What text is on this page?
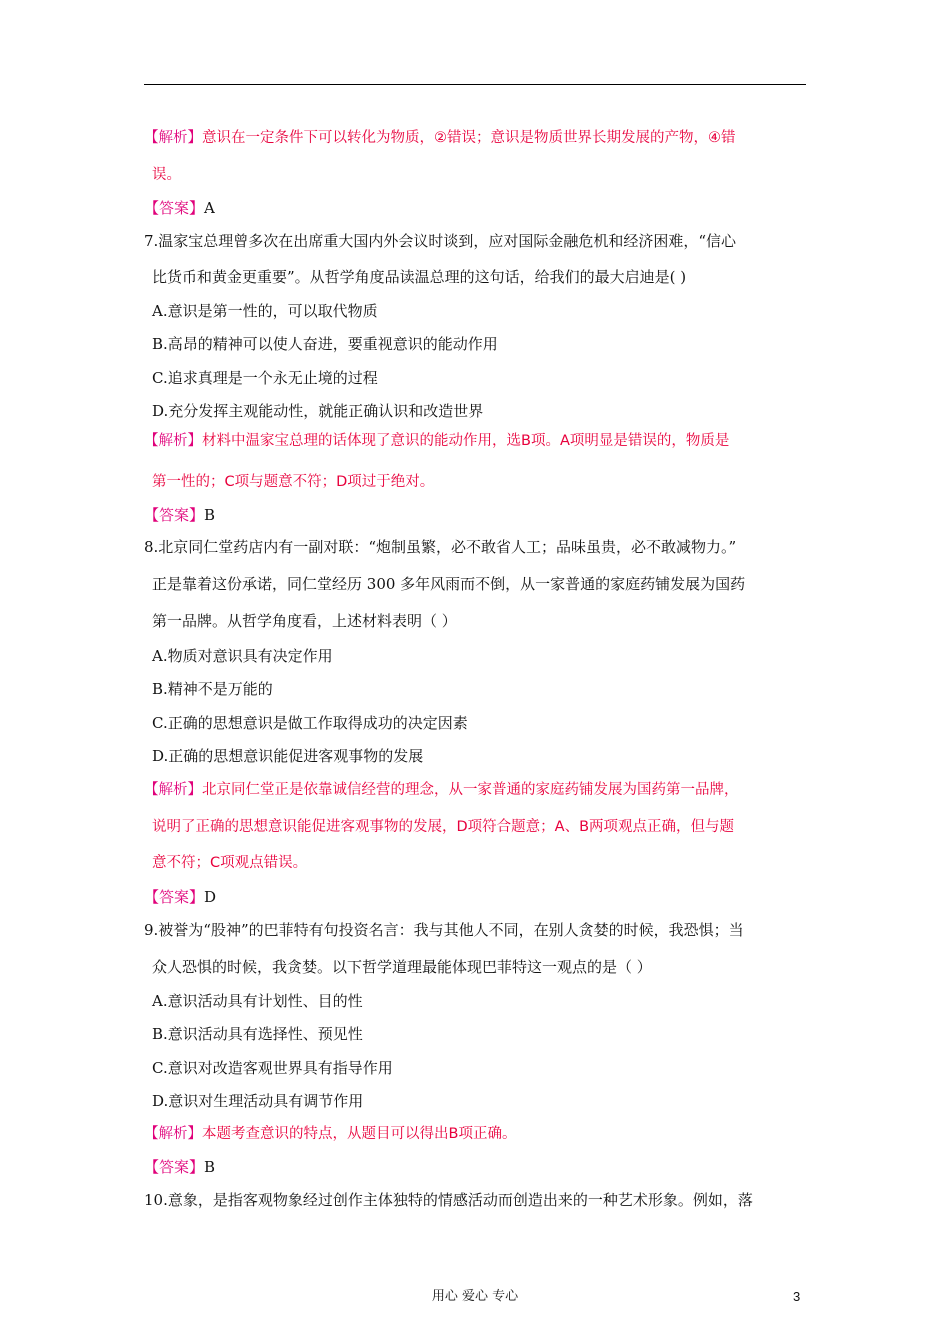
【解析】意识在一定条件下可以转化为物质，②错误；意识是物质世界长期发展的产物，④错
误。
【答案】A
7.温家宝总理曾多次在出席重大国内外会议时谈到，应对国际金融危机和经济困难，“信心
比货币和黄金更重要”。从哲学角度品读温总理的这句话，给我们的最大启迪是( )
A.意识是第一性的，可以取代物质
B.高昂的精神可以使人奋进，要重视意识的能动作用
C.追求真理是一个永无止境的过程
D.充分发挥主观能动性，就能正确认识和改造世界
【解析】材料中温家宝总理的话体现了意识的能动作用，选B项。A项明显是错误的，物质是
第一性的；C项与题意不符；D项过于绝对。
【答案】B
8.北京同仁堂药店内有一副对联：“炮制虽繁，必不敢省人工；品味虽贵，必不敢减物力。”
正是靠着这份承诺，同仁堂经历 300 多年风雨而不倒，从一家普通的家庭药铺发展为国药
第一品牌。从哲学角度看，上述材料表明（ ）
A.物质对意识具有决定作用
B.精神不是万能的
C.正确的思想意识是做工作取得成功的决定因素
D.正确的思想意识能促进客观事物的发展
【解析】北京同仁堂正是依靠诚信经营的理念，从一家普通的家庭药铺发展为国药第一品牌，
说明了正确的思想意识能促进客观事物的发展，D项符合题意；A、B两项观点正确，但与题
意不符；C项观点错误。
【答案】D
9.被誉为“股神”的巴菲特有句投资名言：我与其他人不同，在别人贪婪的时候，我恐惧；当
众人恐惧的时候，我贪婪。以下哲学道理最能体现巴菲特这一观点的是（ ）
A.意识活动具有计划性、目的性
B.意识活动具有选择性、预见性
C.意识对改造客观世界具有指导作用
D.意识对生理活动具有调节作用
【解析】本题考查意识的特点，从题目可以得出B项正确。
【答案】B
10.意象，是指客观物象经过创作主体独特的情感活动而创造出来的一种艺术形象。例如，落
用心 爱心 专心	3
